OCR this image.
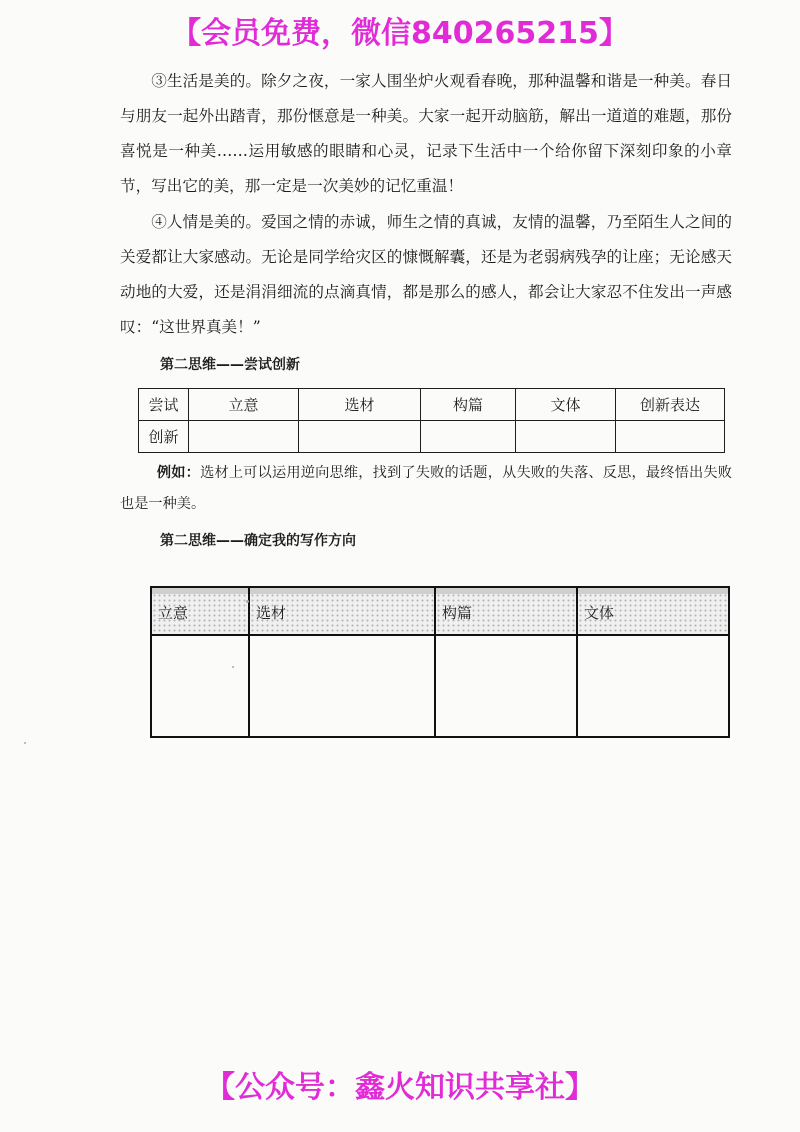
【会员免费，微信840265215】

③生活是美的。除夕之夜，一家人围坐炉火观看春晚，那种温馨和谐是一种美。春日与朋友一起外出踏青，那份惬意是一种美。大家一起开动脑筋，解出一道道的难题，那份喜悦是一种美……运用敏感的眼睛和心灵，记录下生活中一个给你留下深刻印象的小章节，写出它的美，那一定是一次美妙的记忆重温！

④人情是美的。爱国之情的赤诚，师生之情的真诚，友情的温馨，乃至陌生人之间的关爱都让大家感动。无论是同学给灾区的慷慨解囊，还是为老弱病残孕的让座；无论感天动地的大爱，还是涓涓细流的点滴真情，都是那么的感人，都会让大家忍不住发出一声感叹：“这世界真美！”

第二思维——尝试创新

尝试	立意	选材	构篇	文体	创新表达
创新					

例如：选材上可以运用逆向思维，找到了失败的话题，从失败的失落、反思，最终悟出失败也是一种美。

第二思维——确定我的写作方向

立意	选材	构篇	文体

【公众号：鑫火知识共享社】
